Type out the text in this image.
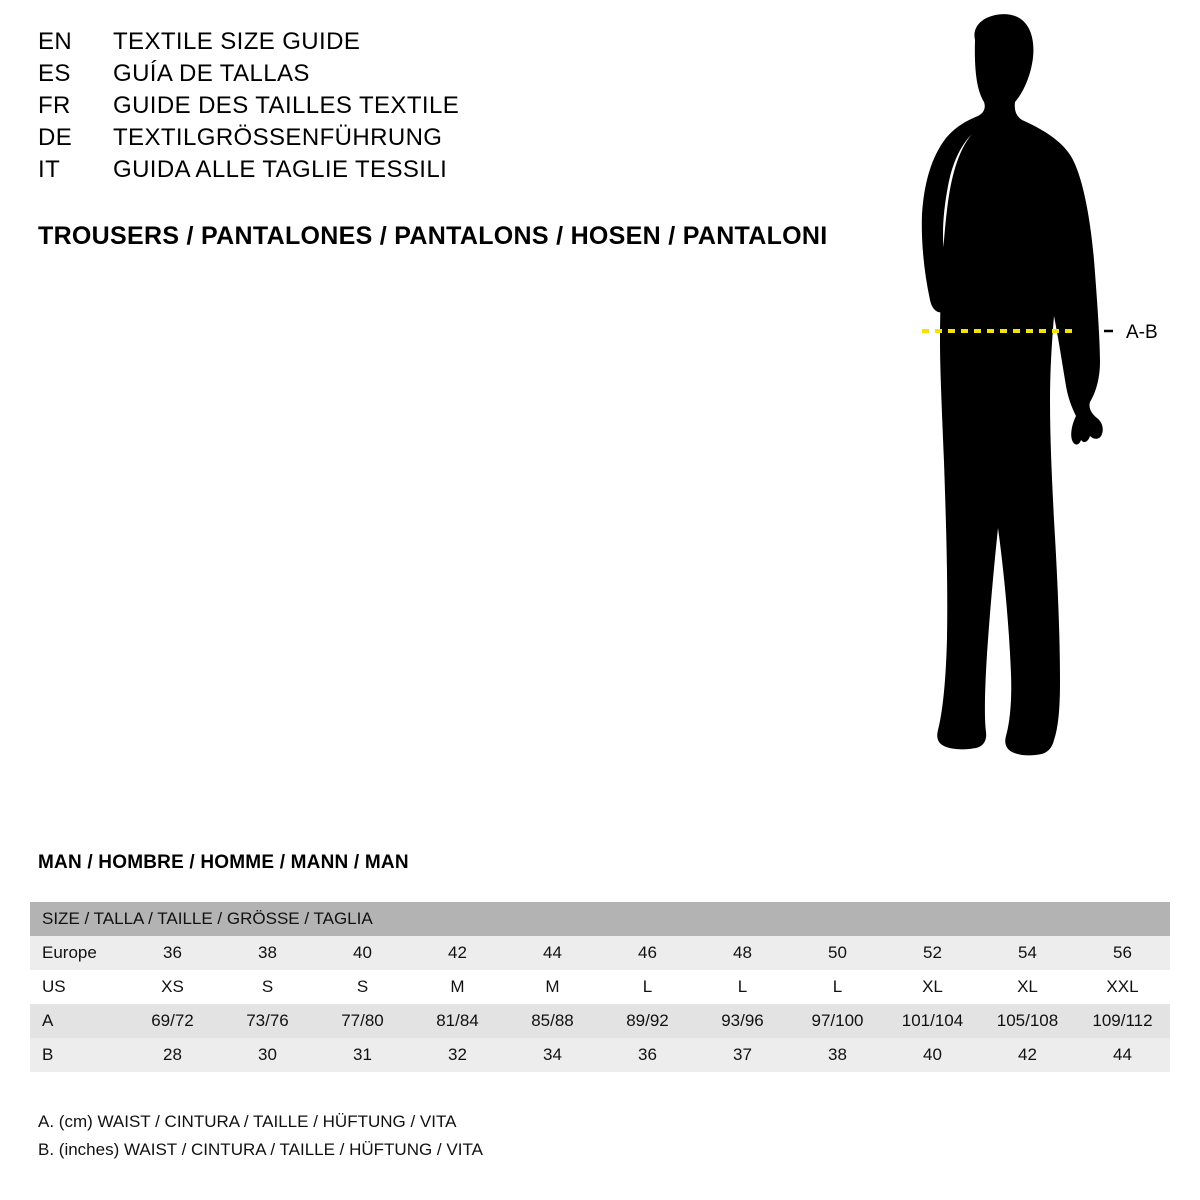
EN	TEXTILE SIZE GUIDE
ES	GUÍA DE TALLAS
FR	GUIDE DES TAILLES TEXTILE
DE	TEXTILGRÖSSENFÜHRUNG
IT	GUIDA ALLE TAGLIE TESSILI
TROUSERS / PANTALONES / PANTALONS / HOSEN / PANTALONI
A-B
MAN / HOMBRE / HOMME / MANN / MAN
SIZE / TALLA / TAILLE / GRÖSSE / TAGLIA											
Europe	36	38	40	42	44	46	48	50	52	54	56
US	XS	S	S	M	M	L	L	L	XL	XL	XXL
A	69/72	73/76	77/80	81/84	85/88	89/92	93/96	97/100	101/104	105/108	109/112
B	28	30	31	32	34	36	37	38	40	42	44
A. (cm) WAIST / CINTURA / TAILLE / HÜFTUNG / VITA
B. (inches) WAIST / CINTURA / TAILLE / HÜFTUNG / VITA
